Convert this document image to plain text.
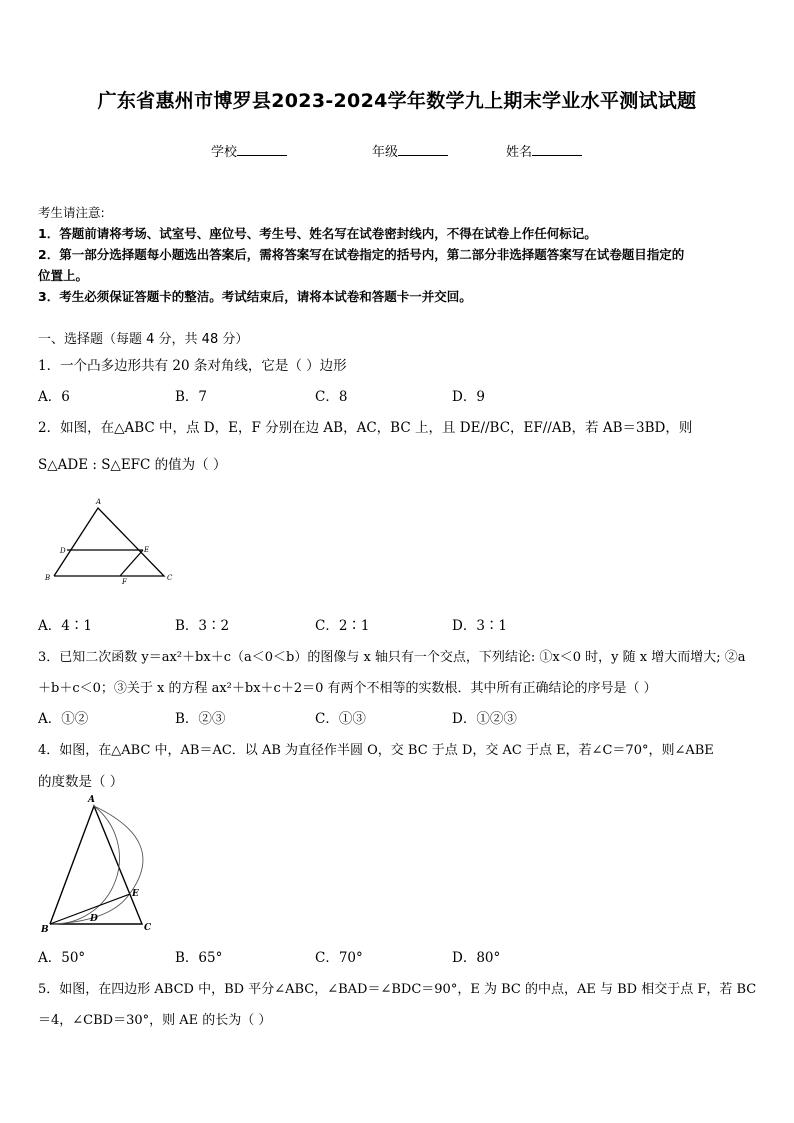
广东省惠州市博罗县2023-2024学年数学九上期末学业水平测试试题
学校	年级	姓名
考生请注意:
1．答题前请将考场、试室号、座位号、考生号、姓名写在试卷密封线内，不得在试卷上作任何标记。
2．第一部分选择题每小题选出答案后，需将答案写在试卷指定的括号内，第二部分非选择题答案写在试卷题目指定的
位置上。
3．考生必须保证答题卡的整洁。考试结束后，请将本试卷和答题卡一并交回。
一、选择题（每题 4 分，共 48 分）
1．一个凸多边形共有 20 条对角线，它是（ ）边形
A．6	B．7	C．8	D．9
2．如图，在△ABC 中，点 D，E，F 分别在边 AB，AC，BC 上，且 DE//BC，EF//AB，若 AB＝3BD，则
S△ADE : S△EFC 的值为（ ）
A
D	E
B	F	C
A．4∶1	B．3∶2	C．2∶1	D．3∶1
3．已知二次函数 y＝ax²＋bx＋c（a＜0＜b）的图像与 x 轴只有一个交点，下列结论: ①x＜0 时，y 随 x 增大而增大; ②a
＋b＋c＜0；③关于 x 的方程 ax²＋bx＋c＋2＝0 有两个不相等的实数根．其中所有正确结论的序号是（ ）
A．①②	B．②③	C．①③	D．①②③
4．如图，在△ABC 中，AB＝AC．以 AB 为直径作半圆 O，交 BC 于点 D，交 AC 于点 E，若∠C＝70°，则∠ABE
的度数是（ ）
A
E
B
D
C
A．50°	B．65°	C．70°	D．80°
5．如图，在四边形 ABCD 中，BD 平分∠ABC，∠BAD＝∠BDC＝90°，E 为 BC 的中点，AE 与 BD 相交于点 F，若 BC
＝4，∠CBD＝30°，则 AE 的长为（ ）
